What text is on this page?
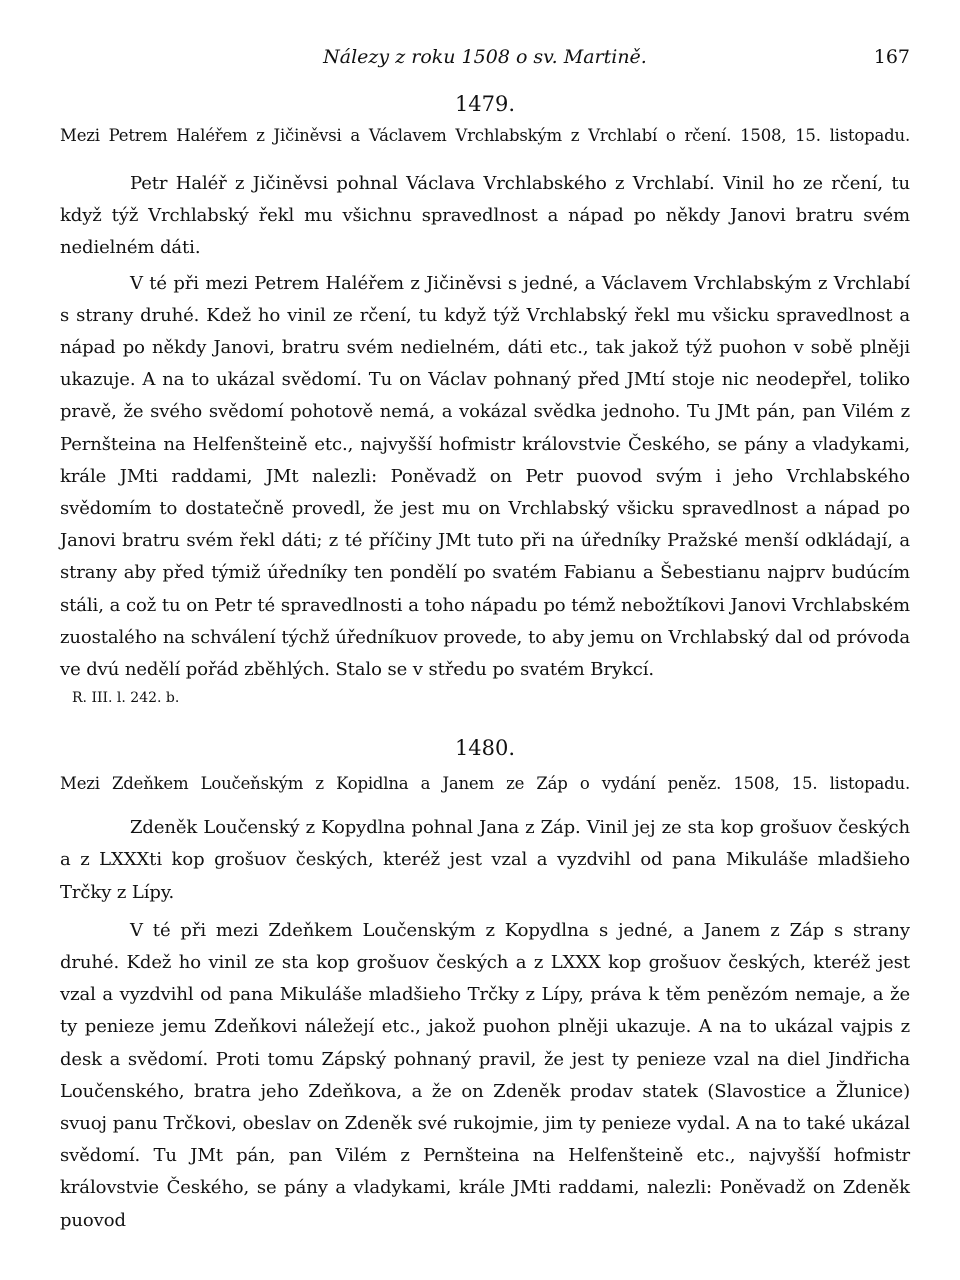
Nálezy z roku 1508 o sv. Martině.	167
1479.

Mezi Petrem Haléřem z Jičiněvsi a Václavem Vrchlabským z Vrchlabí o rčení. 1508, 15. listopadu.

Petr Haléř z Jičiněvsi pohnal Václava Vrchlabského z Vrchlabí. Vinil ho ze rčení, tu když týž Vrchlabský řekl mu všichnu spravedlnost a nápad po někdy Janovi bratru svém nedielném dáti.

V té při mezi Petrem Haléřem z Jičiněvsi s jedné, a Václavem Vrchlabským z Vrchlabí s strany druhé. Kdež ho vinil ze rčení, tu když týž Vrchlabský řekl mu všicku spravedlnost a nápad po někdy Janovi, bratru svém nedielném, dáti etc., tak jakož týž puohon v sobě plněji ukazuje. A na to ukázal svědomí. Tu on Václav pohnaný před JMtí stoje nic neodepřel, toliko pravě, že svého svědomí pohotově nemá, a vokázal svědka jednoho. Tu JMt pán, pan Vilém z Pernšteina na Helfenšteině etc., najvyšší hofmistr královstvie Českého, se pány a vladykami, krále JMti raddami, JMt nalezli: Poněvadž on Petr puovod svým i jeho Vrchlabského svědomím to dostatečně provedl, že jest mu on Vrchlabský všicku spravedlnost a nápad po Janovi bratru svém řekl dáti; z té příčiny JMt tuto při na úředníky Pražské menší odkládají, a strany aby před týmiž úředníky ten pondělí po svatém Fabianu a Šebestianu najprv budúcím stáli, a což tu on Petr té spravedlnosti a toho nápadu po témž nebožtíkovi Janovi Vrchlabském zuostalého na schválení týchž úředníkuov provede, to aby jemu on Vrchlabský dal od próvoda ve dvú nedělí pořád zběhlých. Stalo se v středu po svatém Brykcí.

R. III. l. 242. b.

1480.

Mezi Zdeňkem Loučeňským z Kopidlna a Janem ze Záp o vydání peněz. 1508, 15. listopadu.

Zdeněk Loučenský z Kopydlna pohnal Jana z Záp. Vinil jej ze sta kop grošuov českých a z LXXXti kop grošuov českých, kteréž jest vzal a vyzdvihl od pana Mikuláše mladšieho Trčky z Lípy.

V té při mezi Zdeňkem Loučenským z Kopydlna s jedné, a Janem z Záp s strany druhé. Kdež ho vinil ze sta kop grošuov českých a z LXXX kop grošuov českých, kteréž jest vzal a vyzdvihl od pana Mikuláše mladšieho Trčky z Lípy, práva k těm penězóm nemaje, a že ty penieze jemu Zdeňkovi náležejí etc., jakož puohon plněji ukazuje. A na to ukázal vajpis z desk a svědomí. Proti tomu Zápský pohnaný pravil, že jest ty penieze vzal na diel Jindřicha Loučenského, bratra jeho Zdeňkova, a že on Zdeněk prodav statek (Slavostice a Žlunice) svuoj panu Trčkovi, obeslav on Zdeněk své rukojmie, jim ty penieze vydal. A na to také ukázal svědomí. Tu JMt pán, pan Vilém z Pernšteina na Helfenšteině etc., najvyšší hofmistr královstvie Českého, se pány a vladykami, krále JMti raddami, nalezli: Poněvadž on Zdeněk puovod
